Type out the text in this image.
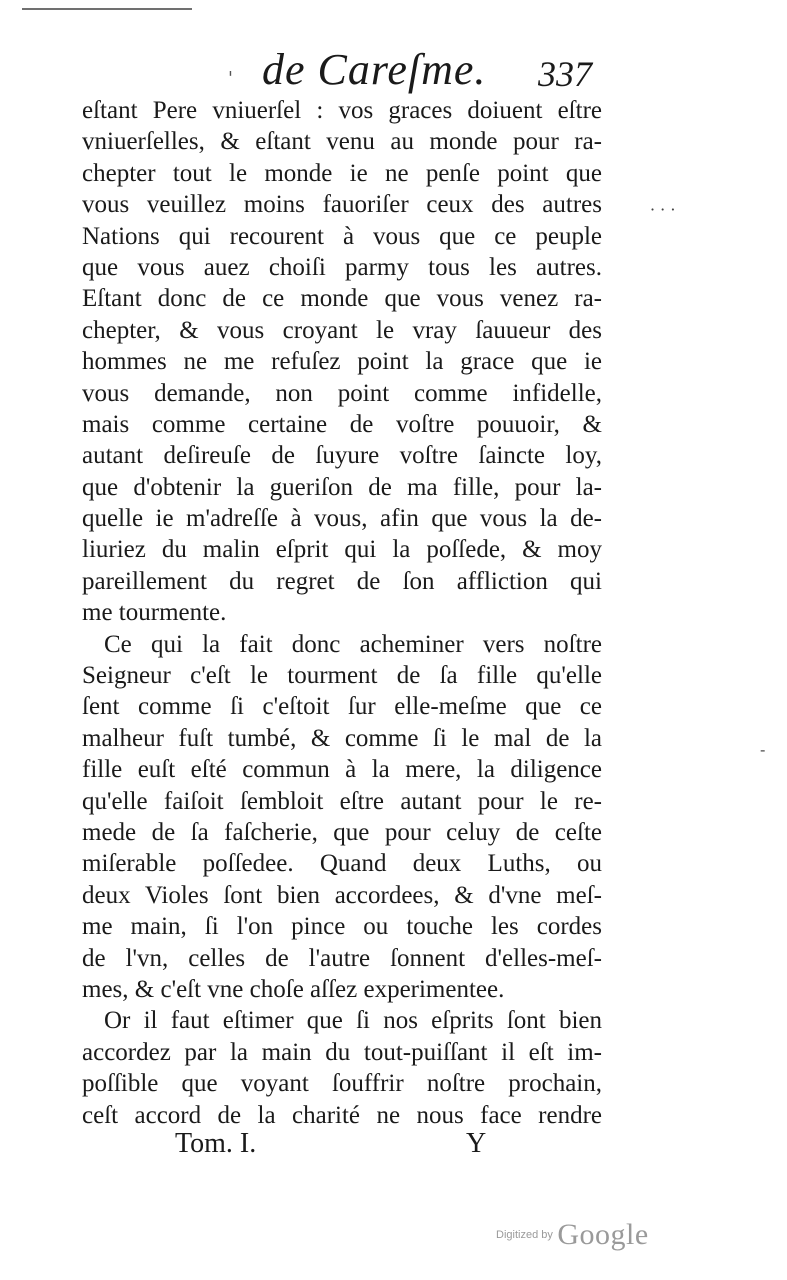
' de Careſme. 337
eſtant Pere vniuerſel : vos graces doiuent eſtre
vniuerſelles, & eſtant venu au monde pour ra-
chepter tout le monde ie ne penſe point que
vous veuillez moins fauoriſer ceux des autres
Nations qui recourent à vous que ce peuple
que vous auez choiſi parmy tous les autres.
Eſtant donc de ce monde que vous venez ra-
chepter, & vous croyant le vray ſauueur des
hommes ne me refuſez point la grace que ie
vous demande, non point comme infidelle,
mais comme certaine de voſtre pouuoir, &
autant deſireuſe de ſuyure voſtre ſaincte loy,
que d'obtenir la gueriſon de ma fille, pour la-
quelle ie m'adreſſe à vous, afin que vous la de-
liuriez du malin eſprit qui la poſſede, & moy
pareillement du regret de ſon affliction qui
me tourmente.
Ce qui la fait donc acheminer vers noſtre
Seigneur c'eſt le tourment de ſa fille qu'elle
ſent comme ſi c'eſtoit ſur elle-meſme que ce
malheur fuſt tumbé, & comme ſi le mal de la
fille euſt eſté commun à la mere, la diligence
qu'elle faiſoit ſembloit eſtre autant pour le re-
mede de ſa faſcherie, que pour celuy de ceſte
miſerable poſſedee. Quand deux Luths, ou
deux Violes ſont bien accordees, & d'vne meſ-
me main, ſi l'on pince ou touche les cordes
de l'vn, celles de l'autre ſonnent d'elles-meſ-
mes, & c'eſt vne choſe aſſez experimentee.
Or il faut eſtimer que ſi nos eſprits ſont bien
accordez par la main du tout-puiſſant il eſt im-
poſſible que voyant ſouffrir noſtre prochain,
ceſt accord de la charité ne nous face rendre
Tom. I.	Y
· · ·
-
Digitized by Google
